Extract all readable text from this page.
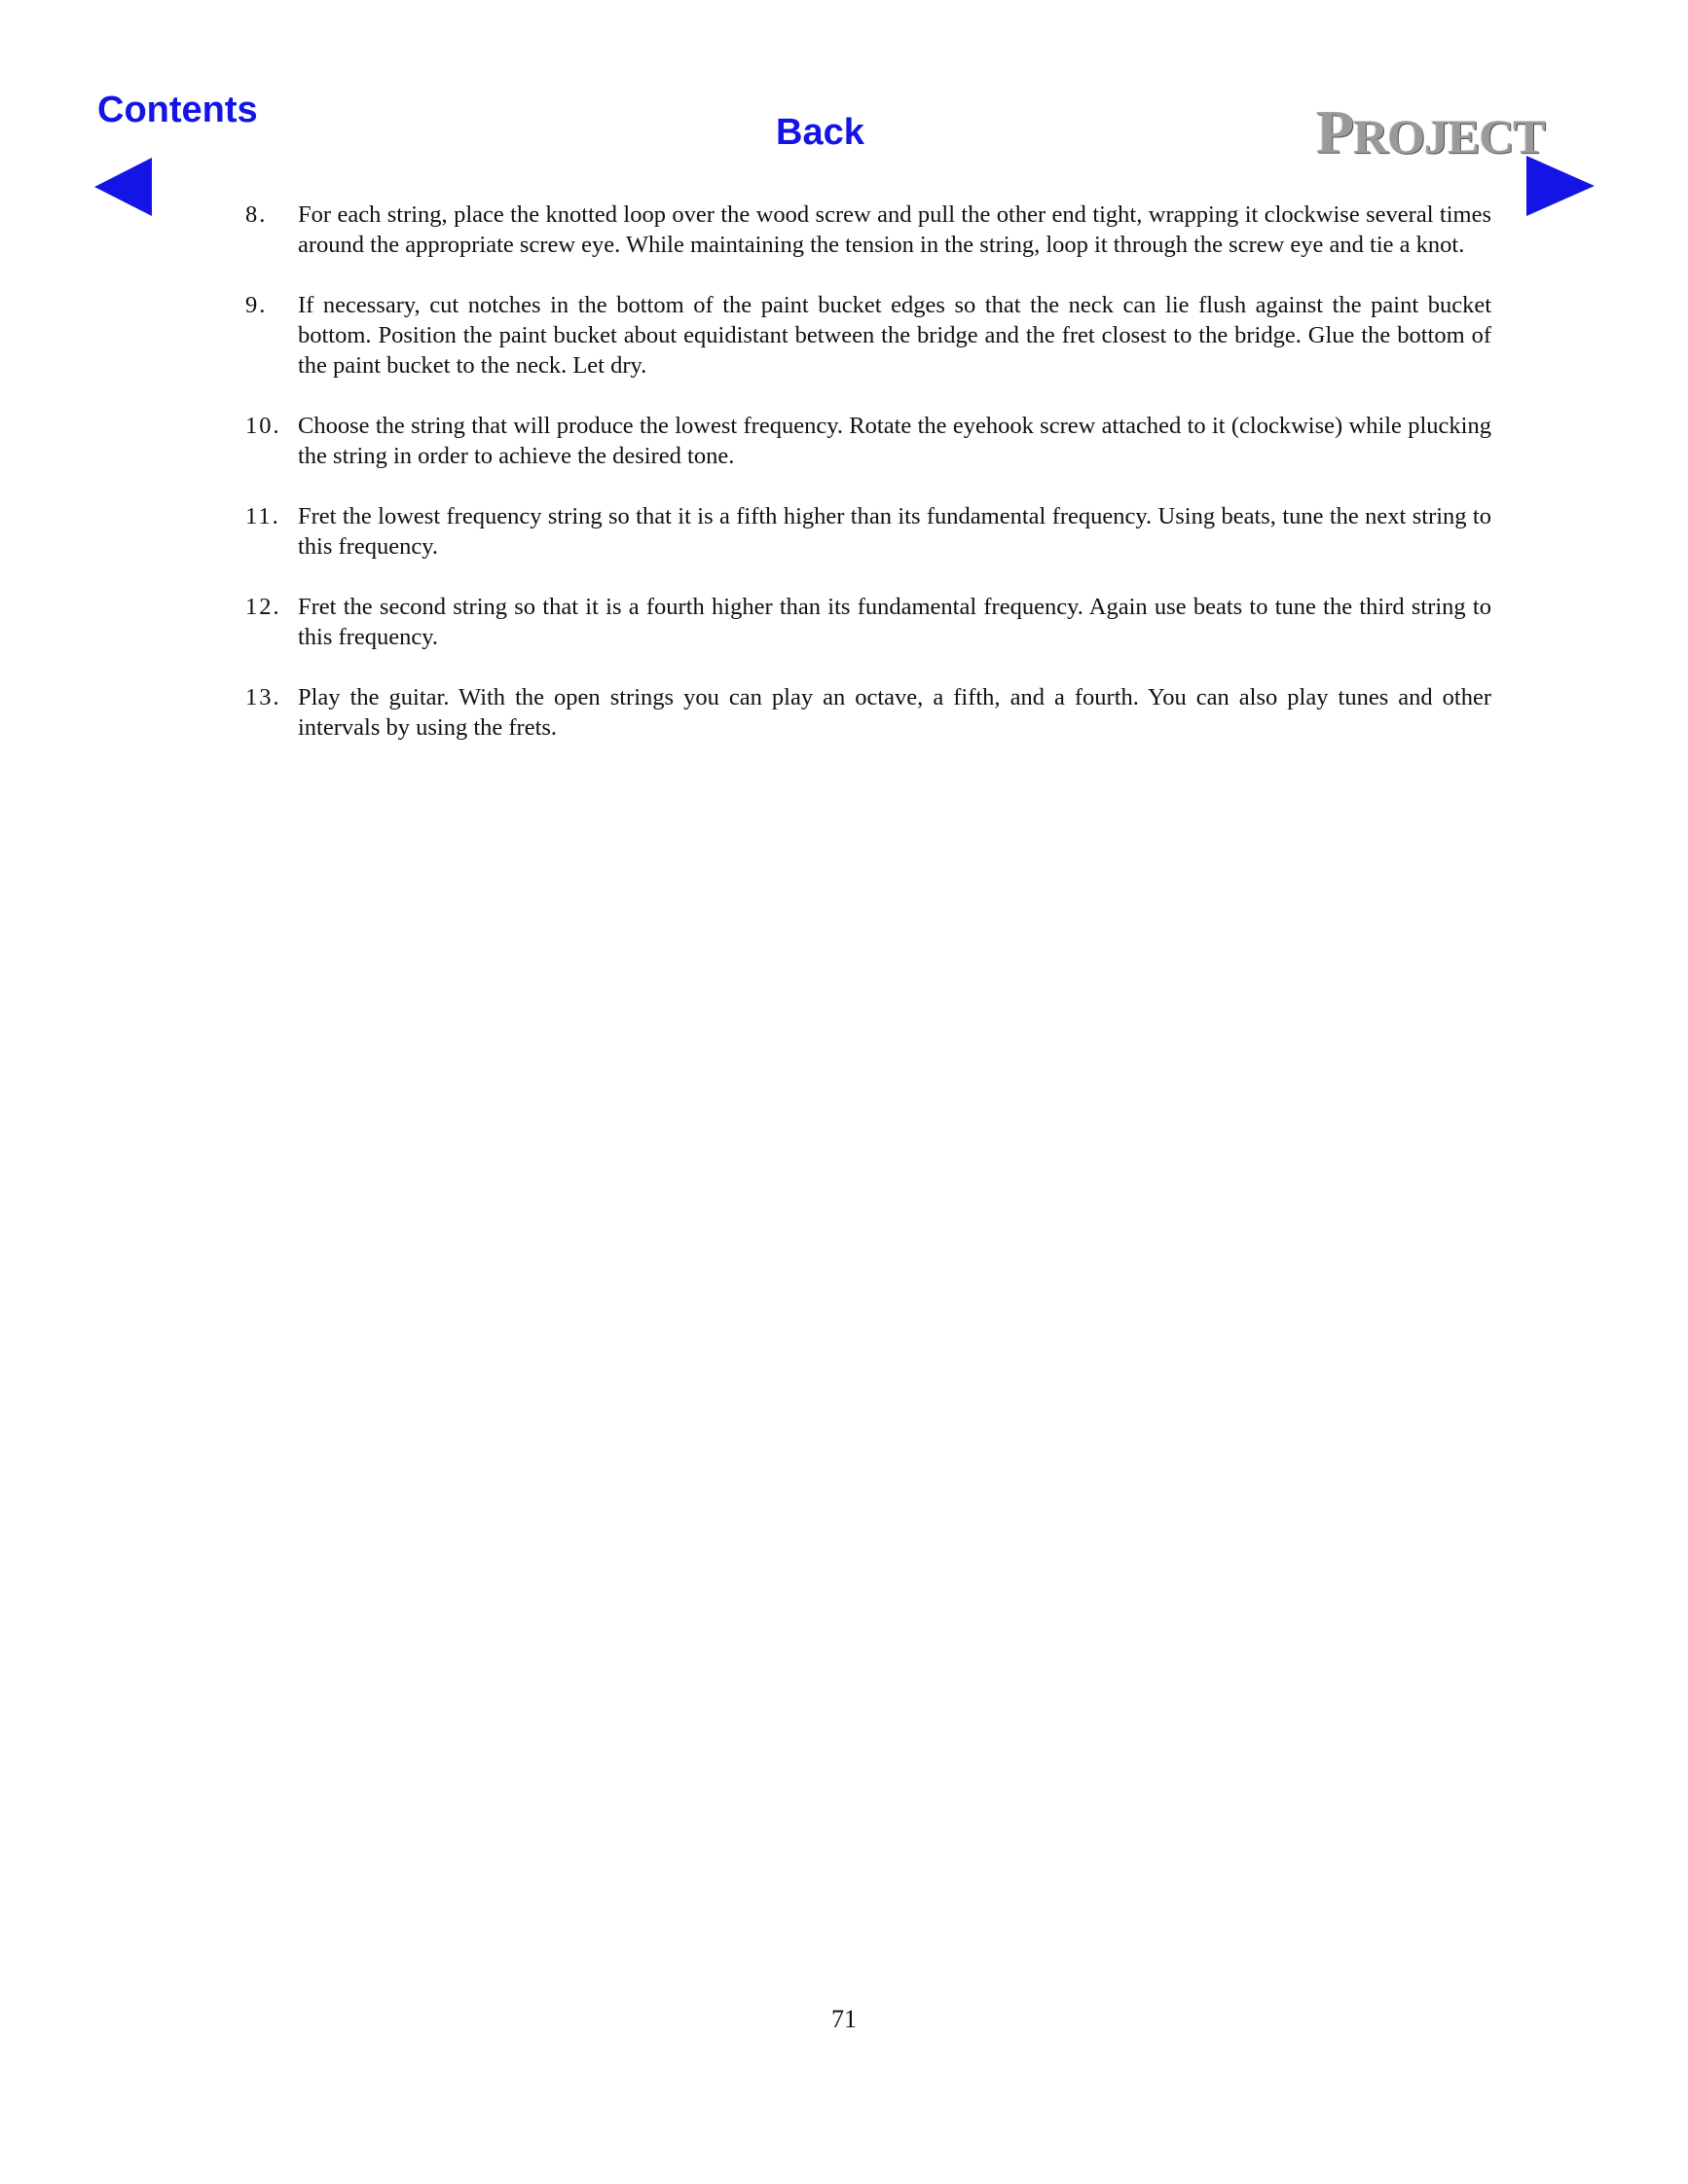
Contents
Back	PROJECT
8. For each string, place the knotted loop over the wood screw and pull the other end tight, wrapping it clockwise several times around the appropriate screw eye. While maintaining the tension in the string, loop it through the screw eye and tie a knot.
9. If necessary, cut notches in the bottom of the paint bucket edges so that the neck can lie flush against the paint bucket bottom. Position the paint bucket about equidistant between the bridge and the fret closest to the bridge. Glue the bottom of the paint bucket to the neck. Let dry.
10. Choose the string that will produce the lowest frequency. Rotate the eyehook screw attached to it (clockwise) while plucking the string in order to achieve the desired tone.
11. Fret the lowest frequency string so that it is a fifth higher than its fundamental frequency. Using beats, tune the next string to this frequency.
12. Fret the second string so that it is a fourth higher than its fundamental frequency. Again use beats to tune the third string to this frequency.
13. Play the guitar. With the open strings you can play an octave, a fifth, and a fourth. You can also play tunes and other intervals by using the frets.
71
